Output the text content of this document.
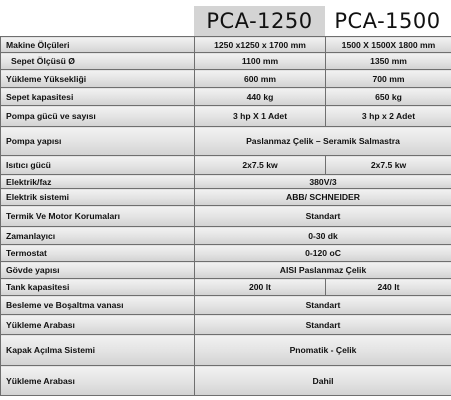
PCA-1250	PCA-1500
Makine Ölçüleri	1250 x1250 x 1700 mm	1500 X 1500X 1800 mm
Sepet Ölçüsü Ø	1100 mm	1350 mm
Yükleme Yüksekliği	600 mm	700 mm
Sepet kapasitesi	440 kg	650 kg
Pompa gücü ve sayısı	3 hp X 1 Adet	3 hp x 2 Adet
Pompa yapısı	Paslanmaz Çelik – Seramik Salmastra	
Isıtıcı gücü	2x7.5 kw	2x7.5 kw
Elektrik/faz	380V/3	
Elektrik sistemi	ABB/ SCHNEIDER	
Termik Ve Motor Korumaları	Standart	
Zamanlayıcı	0-30 dk	
Termostat	0-120 oC	
Gövde yapısı	AISI Paslanmaz Çelik	
Tank kapasitesi	200 lt	240 lt
Besleme ve Boşaltma vanası	Standart	
Yükleme Arabası	Standart	
Kapak Açılma Sistemi	Pnomatik - Çelik	
Yükleme Arabası	Dahil	
